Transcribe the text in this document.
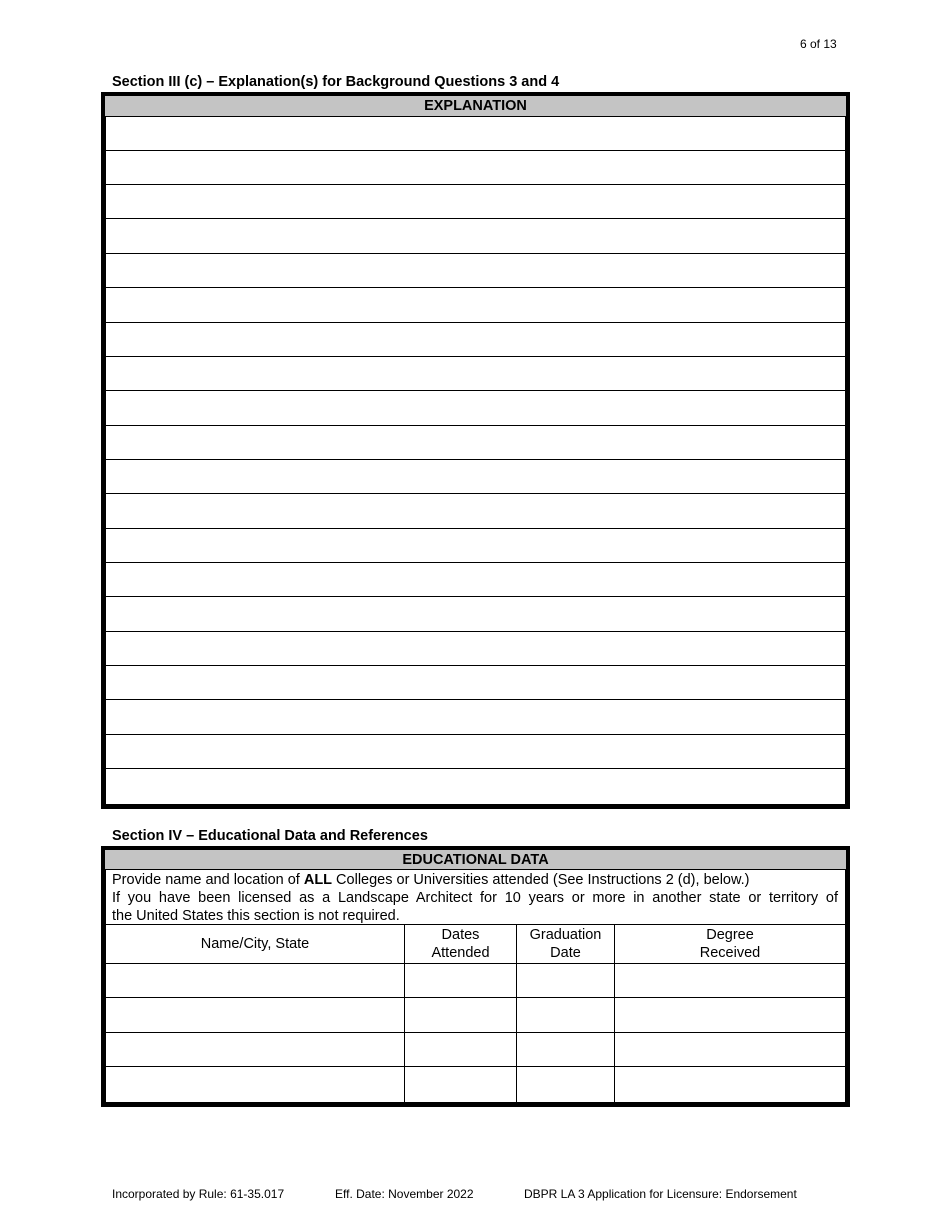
6 of 13
Section III (c) – Explanation(s) for Background Questions 3 and 4
EXPLANATION
Section IV – Educational Data and References
EDUCATIONAL DATA
Provide name and location of ALL Colleges or Universities attended (See Instructions 2 (d), below.)
If you have been licensed as a Landscape Architect for 10 years or more in another state or territory of
the United States this section is not required.
Name/City, State
Dates
Attended
Graduation
Date
Degree
Received
Incorporated by Rule: 61-35.017	Eff. Date: November 2022	DBPR LA 3 Application for Licensure: Endorsement
